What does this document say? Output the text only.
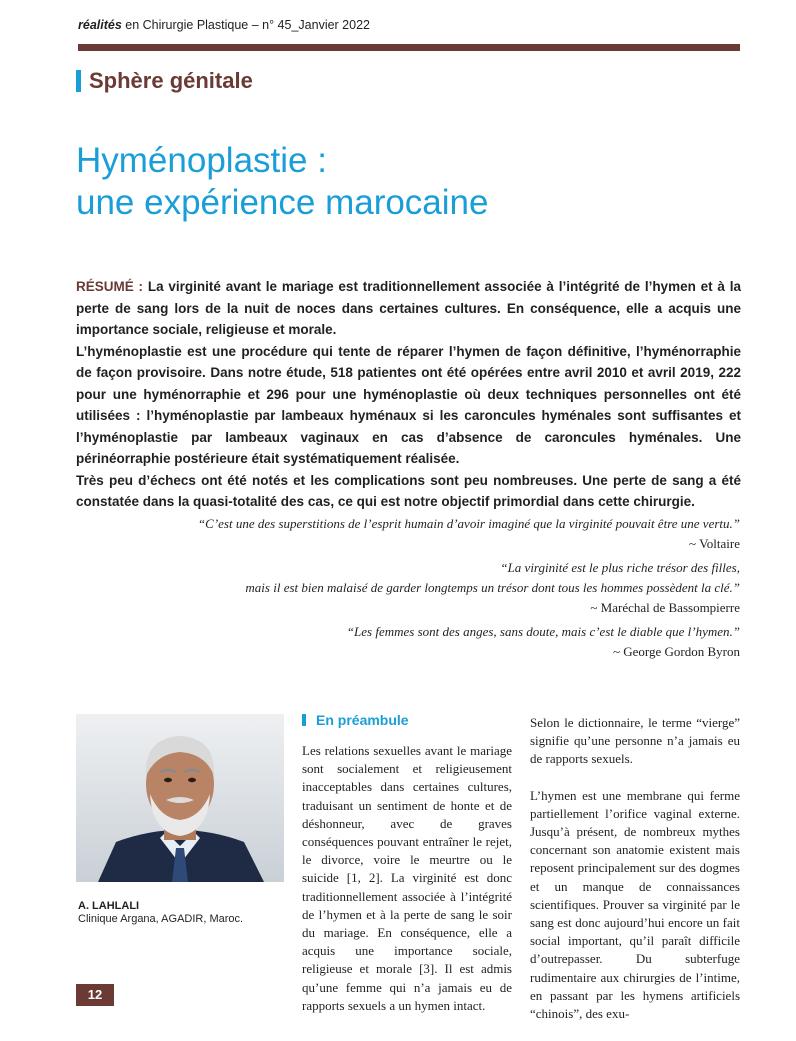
réalités en Chirurgie Plastique – n° 45_Janvier 2022
Sphère génitale
Hyménoplastie :
une expérience marocaine

RÉSUMÉ : La virginité avant le mariage est traditionnellement associée à l’intégrité de l’hymen et à la perte de sang lors de la nuit de noces dans certaines cultures. En conséquence, elle a acquis une importance sociale, religieuse et morale.

L’hyménoplastie est une procédure qui tente de réparer l’hymen de façon définitive, l’hyménorraphie de façon provisoire. Dans notre étude, 518 patientes ont été opérées entre avril 2010 et avril 2019, 222 pour une hyménorraphie et 296 pour une hyménoplastie où deux techniques personnelles ont été utilisées : l’hyménoplastie par lambeaux hyménaux si les caroncules hyménales sont suffisantes et l’hyménoplastie par lambeaux vaginaux en cas d’absence de caroncules hyménales. Une périnéorraphie postérieure était systématiquement réalisée.

Très peu d’échecs ont été notés et les complications sont peu nombreuses. Une perte de sang a été constatée dans la quasi-totalité des cas, ce qui est notre objectif primordial dans cette chirurgie.

“C’est une des superstitions de l’esprit humain d’avoir imaginé que la virginité pouvait être une vertu.”
~ Voltaire
“La virginité est le plus riche trésor des filles,
mais il est bien malaisé de garder longtemps un trésor dont tous les hommes possèdent la clé.”
~ Maréchal de Bassompierre
“Les femmes sont des anges, sans doute, mais c’est le diable que l’hymen.”
~ George Gordon Byron
A. LAHLALI
Clinique Argana, AGADIR, Maroc.
En préambule

Les relations sexuelles avant le mariage sont socialement et religieusement inacceptables dans certaines cultures, traduisant un sentiment de honte et de déshonneur, avec de graves conséquences pouvant entraîner le rejet, le divorce, voire le meurtre ou le suicide [1, 2]. La virginité est donc traditionnellement associée à l’intégrité de l’hymen et à la perte de sang le soir du mariage. En conséquence, elle a acquis une importance sociale, religieuse et morale [3]. Il est admis qu’une femme qui n’a jamais eu de rapports sexuels a un hymen intact.

Selon le dictionnaire, le terme “vierge” signifie qu’une personne n’a jamais eu de rapports sexuels.

L’hymen est une membrane qui ferme partiellement l’orifice vaginal externe. Jusqu’à présent, de nombreux mythes concernant son anatomie existent mais reposent principalement sur des dogmes et un manque de connaissances scientifiques. Prouver sa virginité par le sang est donc aujourd’hui encore un fait social important, qu’il paraît difficile d’outrepasser. Du subterfuge rudimentaire aux chirurgies de l’intime, en passant par les hymens artificiels “chinois”, des exu-

12
